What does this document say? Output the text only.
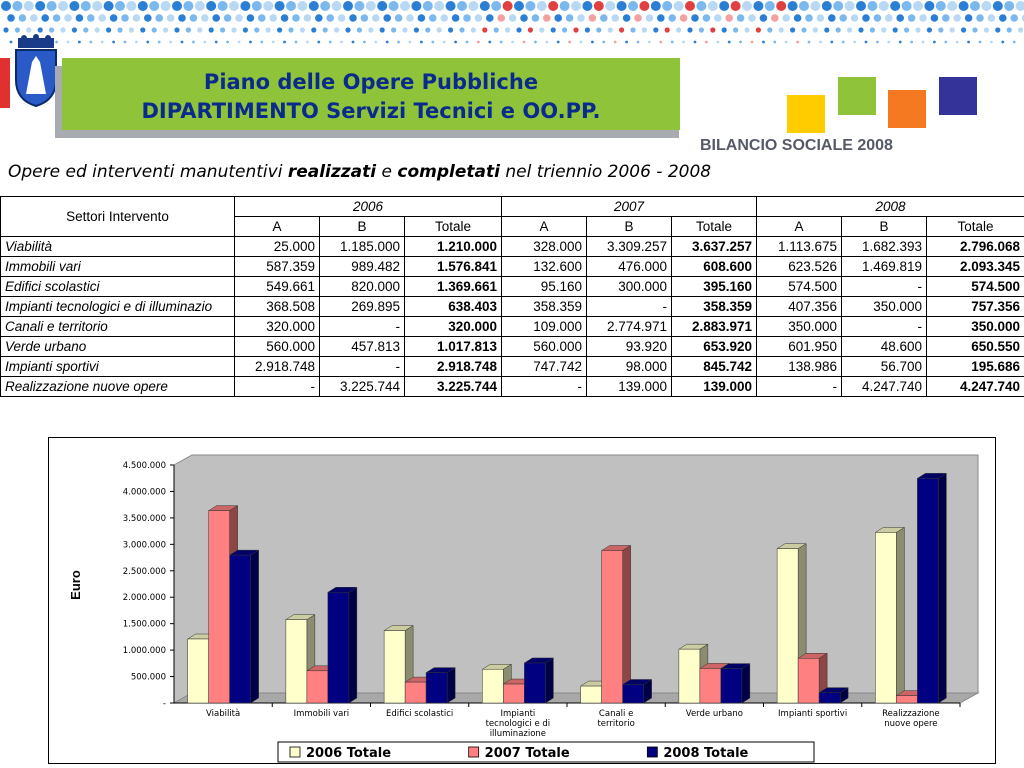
Piano delle Opere Pubbliche
DIPARTIMENTO Servizi Tecnici e OO.PP.
BILANCIO SOCIALE 2008
Opere ed interventi manutentivi realizzati e completati nel triennio 2006 - 2008
Settori Intervento	2006			2007			2008		
	A	B	Totale	A	B	Totale	A	B	Totale
Viabilità	25.000	1.185.000	1.210.000	328.000	3.309.257	3.637.257	1.113.675	1.682.393	2.796.068
Immobili vari	587.359	989.482	1.576.841	132.600	476.000	608.600	623.526	1.469.819	2.093.345
Edifici scolastici	549.661	820.000	1.369.661	95.160	300.000	395.160	574.500	-	574.500
Impianti tecnologici e di illuminazio	368.508	269.895	638.403	358.359	-	358.359	407.356	350.000	757.356
Canali e territorio	320.000	-	320.000	109.000	2.774.971	2.883.971	350.000	-	350.000
Verde urbano	560.000	457.813	1.017.813	560.000	93.920	653.920	601.950	48.600	650.550
Impianti sportivi	2.918.748	-	2.918.748	747.742	98.000	845.742	138.986	56.700	195.686
Realizzazione nuove opere	-	3.225.744	3.225.744	-	139.000	139.000	-	4.247.740	4.247.740
-
500.000
1.000.000
1.500.000
2.000.000
2.500.000
3.000.000
3.500.000
4.000.000
4.500.000
Euro
Viabilità	Immobili vari	Edifici scolastici	Impianti
tecnologici e di
illuminazione
Canali e
territorio
Verde urbano	Impianti sportivi	Realizzazione
nuove opere
2006 Totale	2007 Totale	2008 Totale
